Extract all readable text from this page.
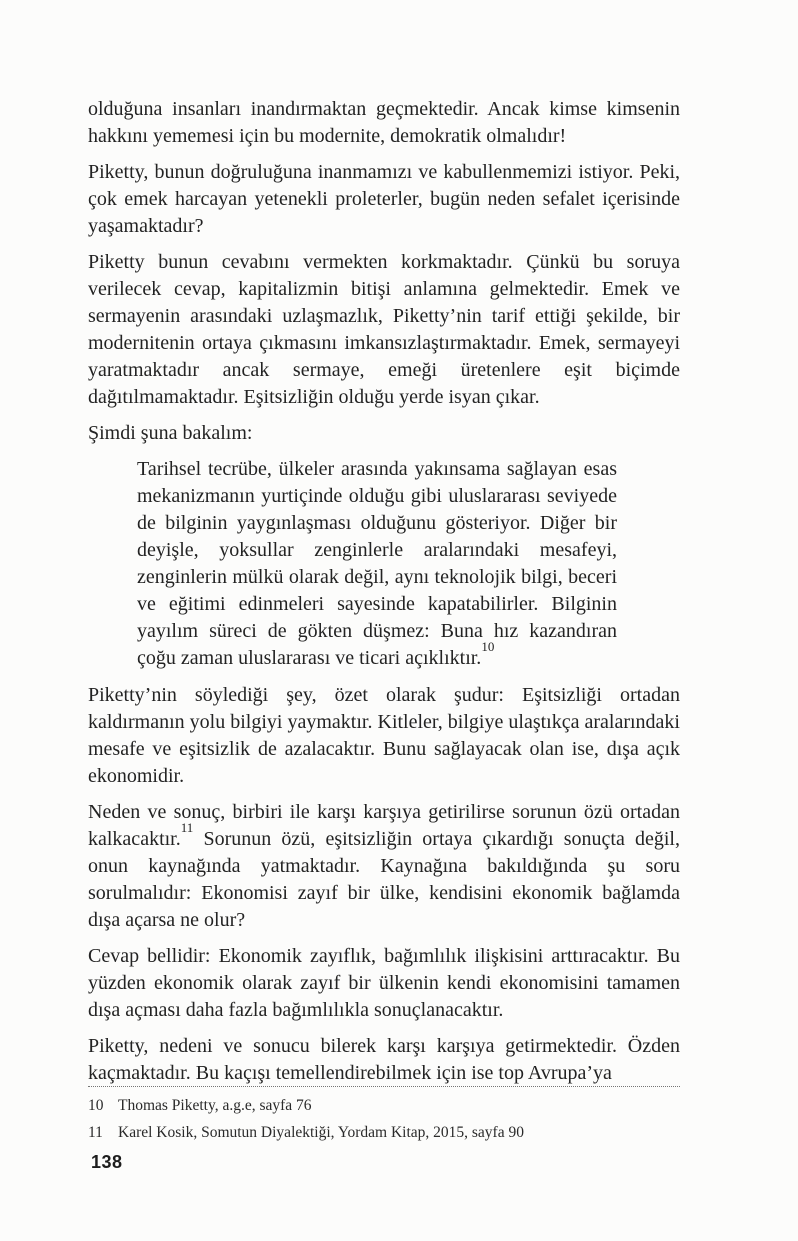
olduğuna insanları inandırmaktan geçmektedir. Ancak kimse kimsenin hakkını yememesi için bu modernite, demokratik olmalıdır!

Piketty, bunun doğruluğuna inanmamızı ve kabullenmemizi istiyor. Peki, çok emek harcayan yetenekli proleterler, bugün neden sefalet içerisinde yaşamaktadır?

Piketty bunun cevabını vermekten korkmaktadır. Çünkü bu soruya verilecek cevap, kapitalizmin bitişi anlamına gelmektedir. Emek ve sermayenin arasındaki uzlaşmazlık, Piketty’nin tarif ettiği şekilde, bir modernitenin ortaya çıkmasını imkansızlaştırmaktadır. Emek, sermayeyi yaratmaktadır ancak sermaye, emeği üretenlere eşit biçimde dağıtılmamaktadır. Eşitsizliğin olduğu yerde isyan çıkar.

Şimdi şuna bakalım:

Tarihsel tecrübe, ülkeler arasında yakınsama sağlayan esas mekanizmanın yurtiçinde olduğu gibi uluslararası seviyede de bilginin yaygınlaşması olduğunu gösteriyor. Diğer bir deyişle, yoksullar zenginlerle aralarındaki mesafeyi, zenginlerin mülkü olarak değil, aynı teknolojik bilgi, beceri ve eğitimi edinmeleri sayesinde kapatabilirler. Bilginin yayılım süreci de gökten düşmez: Buna hız kazandıran çoğu zaman uluslararası ve ticari açıklıktır.$^{10}$

Piketty’nin söylediği şey, özet olarak şudur: Eşitsizliği ortadan kaldırmanın yolu bilgiyi yaymaktır. Kitleler, bilgiye ulaştıkça aralarındaki mesafe ve eşitsizlik de azalacaktır. Bunu sağlayacak olan ise, dışa açık ekonomidir.

Neden ve sonuç, birbiri ile karşı karşıya getirilirse sorunun özü ortadan kalkacaktır.$^{11}$ Sorunun özü, eşitsizliğin ortaya çıkardığı sonuçta değil, onun kaynağında yatmaktadır. Kaynağına bakıldığında şu soru sorulmalıdır: Ekonomisi zayıf bir ülke, kendisini ekonomik bağlamda dışa açarsa ne olur?

Cevap bellidir: Ekonomik zayıflık, bağımlılık ilişkisini arttıracaktır. Bu yüzden ekonomik olarak zayıf bir ülkenin kendi ekonomisini tamamen dışa açması daha fazla bağımlılıkla sonuçlanacaktır.

Piketty, nedeni ve sonucu bilerek karşı karşıya getirmektedir. Özden kaçmaktadır. Bu kaçışı temellendirebilmek için ise top Avrupa’ya

10 Thomas Piketty, a.g.e, sayfa 76
11 Karel Kosik, Somutun Diyalektiği, Yordam Kitap, 2015, sayfa 90
138
